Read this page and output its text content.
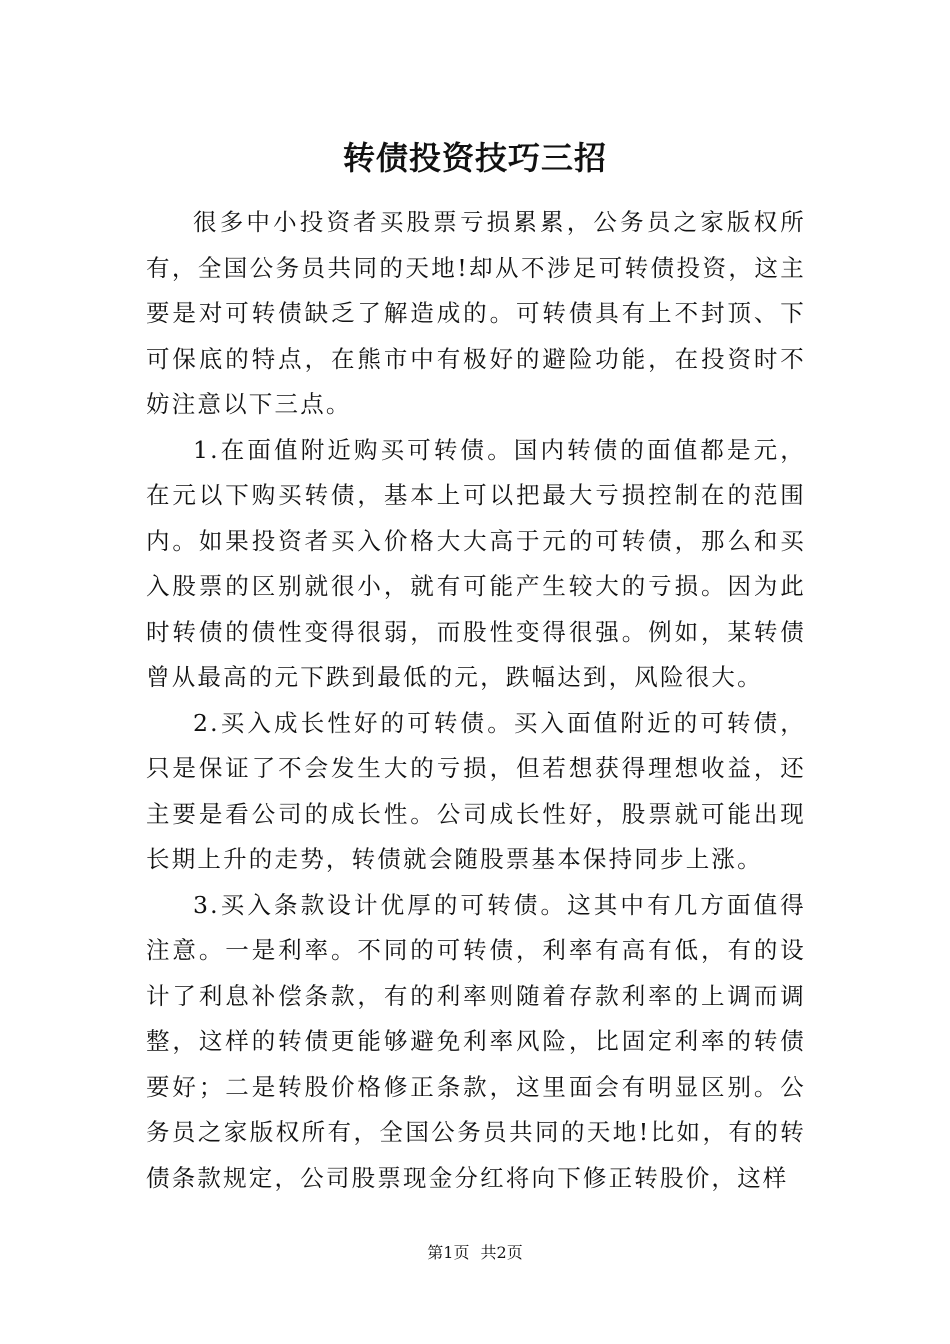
转债投资技巧三招

很多中小投资者买股票亏损累累，公务员之家版权所有，全国公务员共同的天地!却从不涉足可转债投资，这主要是对可转债缺乏了解造成的。可转债具有上不封顶、下可保底的特点，在熊市中有极好的避险功能，在投资时不妨注意以下三点。

1.在面值附近购买可转债。国内转债的面值都是元，在元以下购买转债，基本上可以把最大亏损控制在的范围内。如果投资者买入价格大大高于元的可转债，那么和买入股票的区别就很小，就有可能产生较大的亏损。因为此时转债的债性变得很弱，而股性变得很强。例如，某转债曾从最高的元下跌到最低的元，跌幅达到，风险很大。

2.买入成长性好的可转债。买入面值附近的可转债，只是保证了不会发生大的亏损，但若想获得理想收益，还主要是看公司的成长性。公司成长性好，股票就可能出现长期上升的走势，转债就会随股票基本保持同步上涨。

3.买入条款设计优厚的可转债。这其中有几方面值得注意。一是利率。不同的可转债，利率有高有低，有的设计了利息补偿条款，有的利率则随着存款利率的上调而调整，这样的转债更能够避免利率风险，比固定利率的转债要好；二是转股价格修正条款，这里面会有明显区别。公务员之家版权所有，全国公务员共同的天地!比如，有的转债条款规定，公司股票现金分红将向下修正转股价，这样

第1页 共2页
